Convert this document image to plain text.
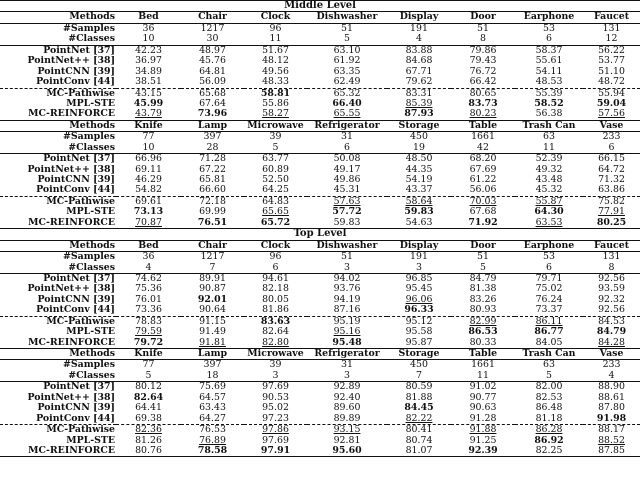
Middle Level								
Methods	Bed	Chair	Clock	Dishwasher	Display	Door	Earphone	Faucet
#Samples	36	1217	96	51	191	51	53	131
#Classes	10	30	11	5	4	8	6	12
PointNet [37]	42.23	48.97	51.67	63.10	83.88	79.86	58.37	56.22
PointNet++ [38]	36.97	45.76	48.12	61.92	84.68	79.43	55.61	53.77
PointCNN [39]	34.89	64.81	49.56	63.35	67.71	76.72	54.11	51.10
PointConv [44]	38.51	56.09	48.33	62.49	79.62	66.42	48.53	48.72
MC-Pathwise	43.15	65.68	58.81	65.32	83.31	80.65	55.39	55.94
MPL-STE	45.99	67.64	55.86	66.40	85.39	83.73	58.52	59.04
MC-REINFORCE	43.79	73.96	58.27	65.55	87.93	80.23	56.38	57.56
Methods	Knife	Lamp	Microwave	Refrigerator	Storage	Table	Trash Can	Vase
#Samples	77	397	39	31	450	1661	63	233
#Classes	10	28	5	6	19	42	11	6
PointNet [37]	66.96	71.28	63.77	50.08	48.50	68.20	52.39	66.15
PointNet++ [38]	69.11	67.22	60.89	49.17	44.35	67.69	49.32	64.72
PointCNN [39]	46.29	65.81	52.50	49.86	54.19	61.22	43.48	71.32
PointConv [44]	54.82	66.60	64.25	45.31	43.37	56.06	45.32	63.86
MC-Pathwise	69.61	72.18	64.83	57.63	58.64	70.03	55.87	75.82
MPL-STE	73.13	69.99	65.65	57.72	59.83	67.68	64.30	77.91
MC-REINFORCE	70.87	76.51	65.72	59.83	54.63	71.92	63.53	80.25
Top Level								
Methods	Bed	Chair	Clock	Dishwasher	Display	Door	Earphone	Faucet
#Samples	36	1217	96	51	191	51	53	131
#Classes	4	7	6	3	3	5	6	8
PointNet [37]	74.62	89.91	94.61	94.02	96.85	84.79	79.71	92.56
PointNet++ [38]	75.36	90.87	82.18	93.76	95.45	81.38	75.02	93.59
PointCNN [39]	76.01	92.01	80.05	94.19	96.06	83.26	76.24	92.32
PointConv [44]	73.36	90.64	81.86	87.16	96.33	80.93	73.37	92.56
MC-Pathwise	78.83	91.15	83.63	95.19	95.12	82.99	86.11	84.53
MPL-STE	79.59	91.49	82.64	95.16	95.58	86.53	86.77	84.79
MC-REINFORCE	79.72	91.81	82.80	95.48	95.87	80.33	84.05	84.28
Methods	Knife	Lamp	Microwave	Refrigerator	Storage	Table	Trash Can	Vase
#Samples	77	397	39	31	450	1661	63	233
#Classes	5	18	3	3	7	11	5	4
PointNet [37]	80.12	75.69	97.69	92.89	80.59	91.02	82.00	88.90
PointNet++ [38]	82.64	64.57	90.53	92.40	81.88	90.77	82.53	88.61
PointCNN [39]	64.41	63.43	95.02	89.60	84.45	90.63	86.48	87.80
PointConv [44]	69.38	64.27	97.23	89.89	82.22	91.28	81.18	91.98
MC-Pathwise	82.36	76.53	97.86	93.15	80.41	91.88	86.28	88.17
MPL-STE	81.26	76.89	97.69	92.81	80.74	91.25	86.92	88.52
MC-REINFORCE	80.76	78.58	97.91	95.60	81.07	92.39	82.25	87.85
